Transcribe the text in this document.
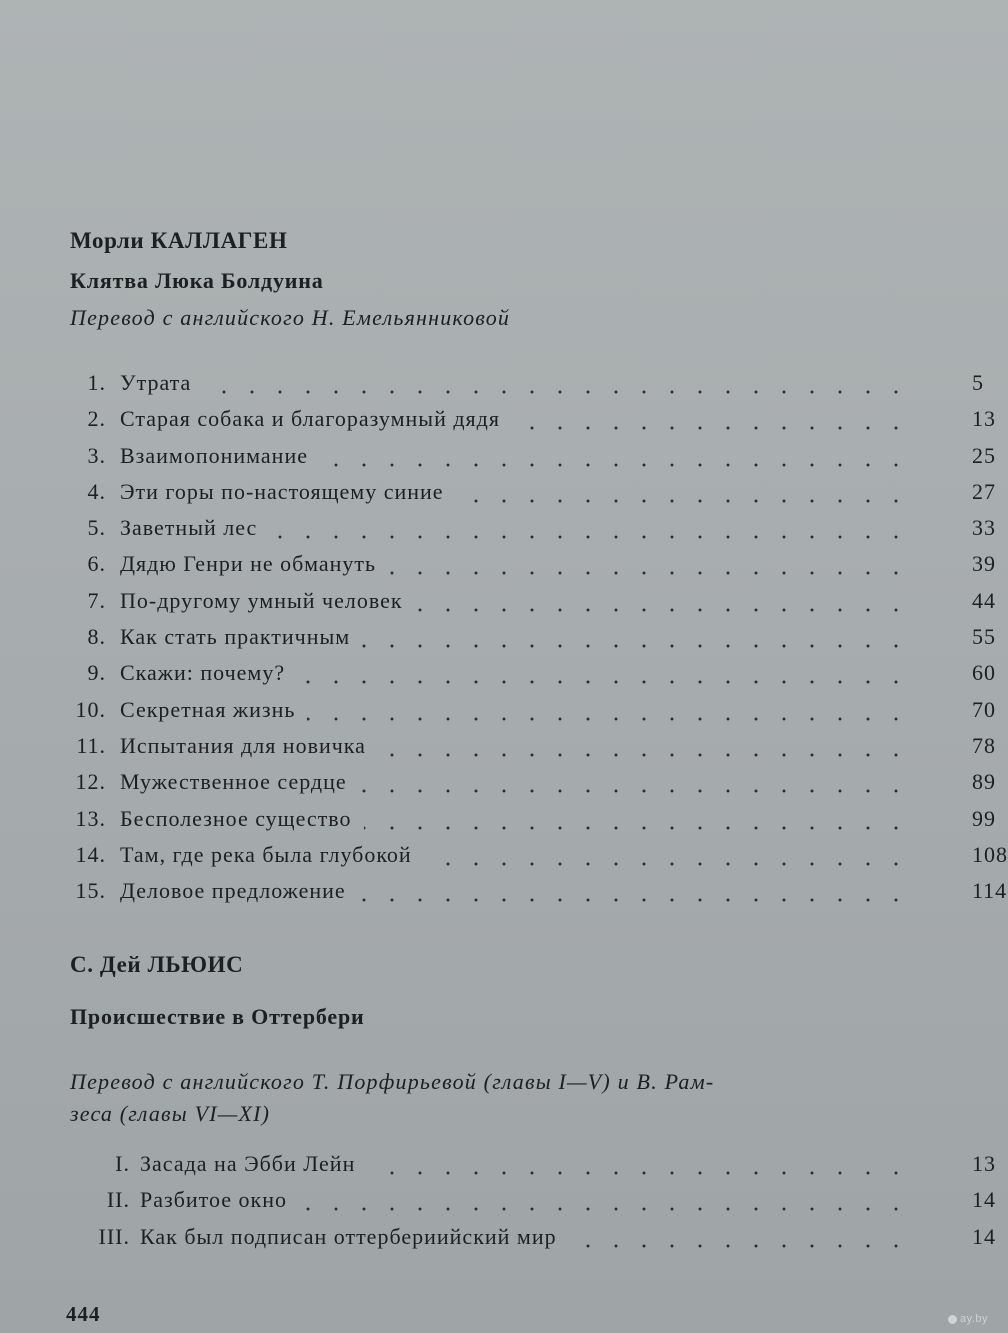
Морли КАЛЛАГЕН
Клятва Люка Болдуина

Перевод с английского Н. Емельянниковой

1. Утрата	5
2. Старая собака и благоразумный дядя	13
3. Взаимопонимание	25
4. Эти горы по-настоящему синие	27
5. Заветный лес	33
6. Дядю Генри не обмануть	39
7. По-другому умный человек	44
8. Как стать практичным	55
9. Скажи: почему?	60
10. Секретная жизнь	70
11. Испытания для новичка	78
12. Мужественное сердце	89
13. Бесполезное существо	99
14. Там, где река была глубокой	108
15. Деловое предложение	114
С. Дей ЛЬЮИС
Происшествие в Оттербери

Перевод с английского Т. Порфирьевой (главы I—V) и В. Рам-

зеса (главы VI—XI)

I. Засада на Эбби Лейн	13
II. Разбитое окно	14
III. Как был подписан оттербериийский мир	14

444	ay.by
